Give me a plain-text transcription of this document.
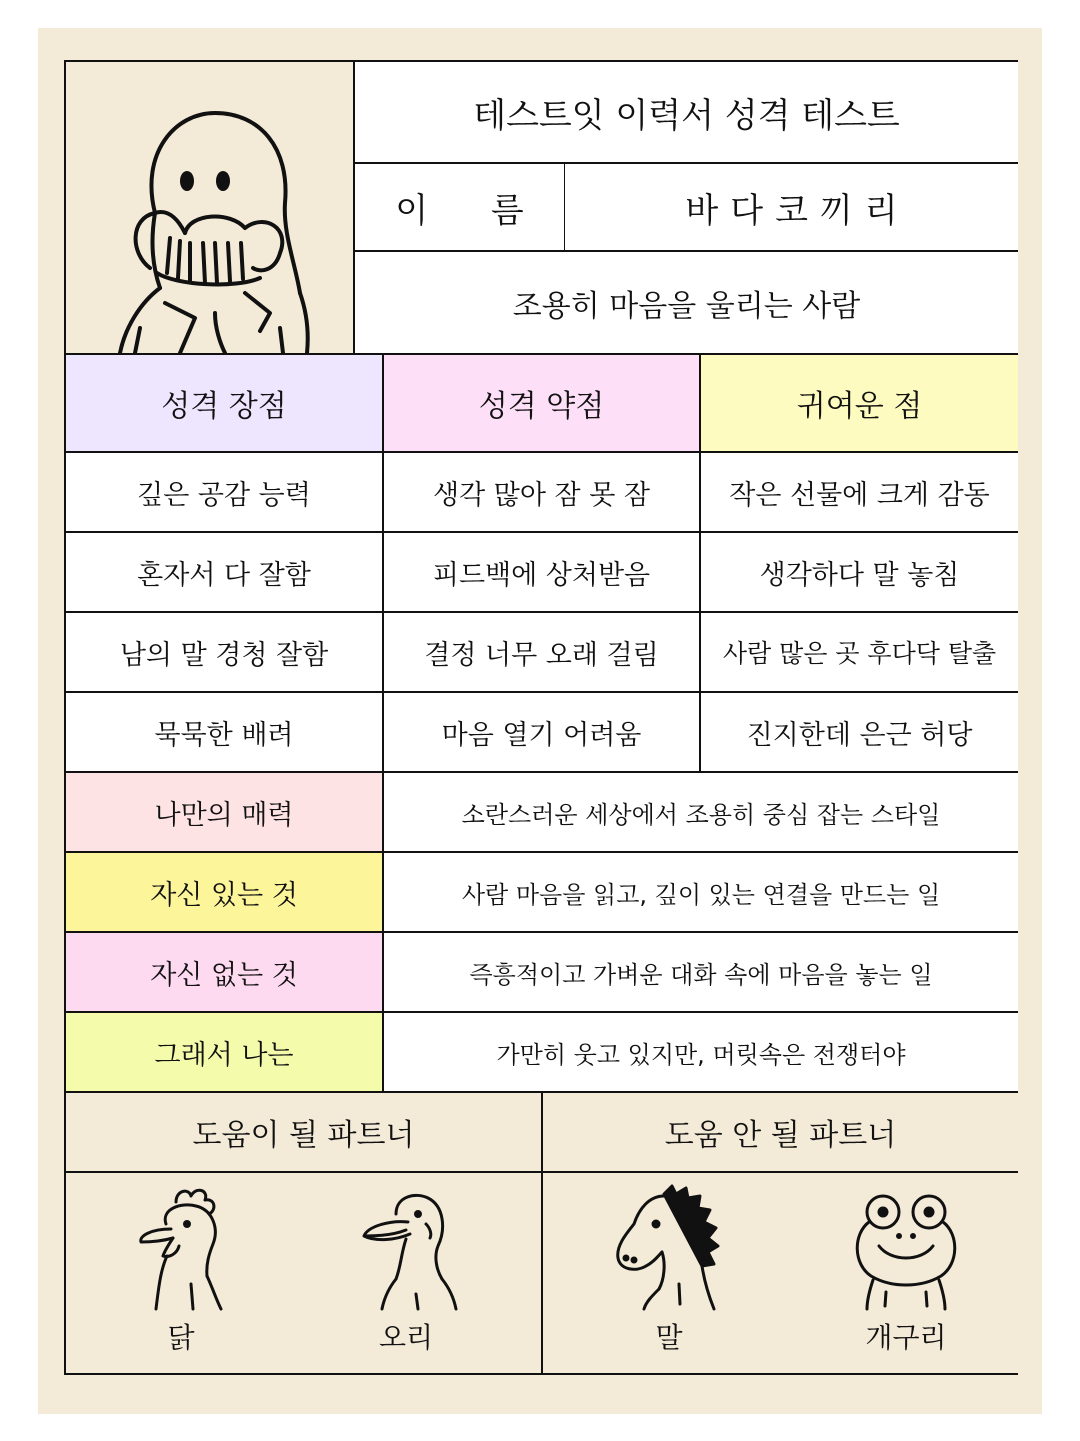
테스트잇 이력서 성격 테스트
이 름	바다코끼리
조용히 마음을 울리는 사람
성격 장점	성격 약점	귀여운 점
깊은 공감 능력	생각 많아 잠 못 잠	작은 선물에 크게 감동
혼자서 다 잘함	피드백에 상처받음	생각하다 말 놓침
남의 말 경청 잘함	결정 너무 오래 걸림	사람 많은 곳 후다닥 탈출
묵묵한 배려	마음 열기 어려움	진지한데 은근 허당
나만의 매력	소란스러운 세상에서 조용히 중심 잡는 스타일
자신 있는 것	사람 마음을 읽고, 깊이 있는 연결을 만드는 일
자신 없는 것	즉흥적이고 가벼운 대화 속에 마음을 놓는 일
그래서 나는	가만히 웃고 있지만, 머릿속은 전쟁터야
도움이 될 파트너	도움 안 될 파트너
닭	오리	말	개구리
